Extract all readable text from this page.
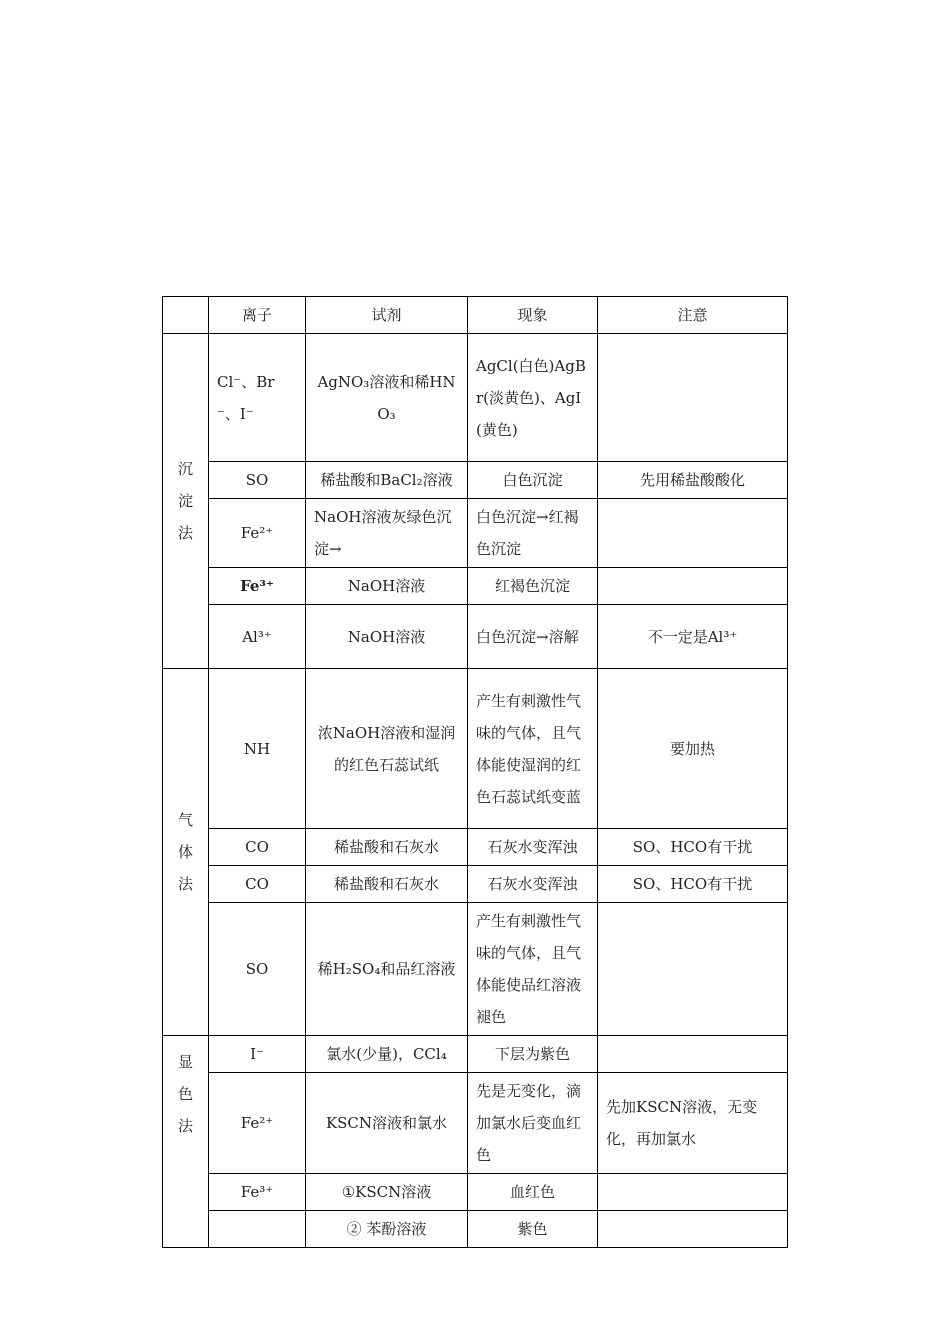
	离子	试剂	现象	注意

沉
淀
法	Cl⁻、Br⁻、I⁻	AgNO₃溶液和稀HNO₃	AgCl(白色)AgBr(淡黄色)、AgI(黄色)	
	SO	稀盐酸和BaCl₂溶液	白色沉淀	先用稀盐酸酸化
	Fe²⁺	NaOH溶液灰绿色沉淀→	白色沉淀→红褐色沉淀	
	Fe³⁺	NaOH溶液	红褐色沉淀	
	Al³⁺	NaOH溶液	白色沉淀→溶解	不一定是Al³⁺

气
体
法	NH	浓NaOH溶液和湿润的红色石蕊试纸	产生有刺激性气味的气体，且气体能使湿润的红色石蕊试纸变蓝	要加热
	CO	稀盐酸和石灰水	石灰水变浑浊	SO、HCO有干扰
	CO	稀盐酸和石灰水	石灰水变浑浊	SO、HCO有干扰
	SO	稀H₂SO₄和品红溶液	产生有刺激性气味的气体，且气体能使品红溶液褪色	

显
色
法	I⁻	氯水(少量)，CCl₄	下层为紫色	
	Fe²⁺	KSCN溶液和氯水	先是无变化，滴加氯水后变血红色	先加KSCN溶液，无变化，再加氯水
	Fe³⁺	①KSCN溶液	血红色	
		② 苯酚溶液	紫色	
